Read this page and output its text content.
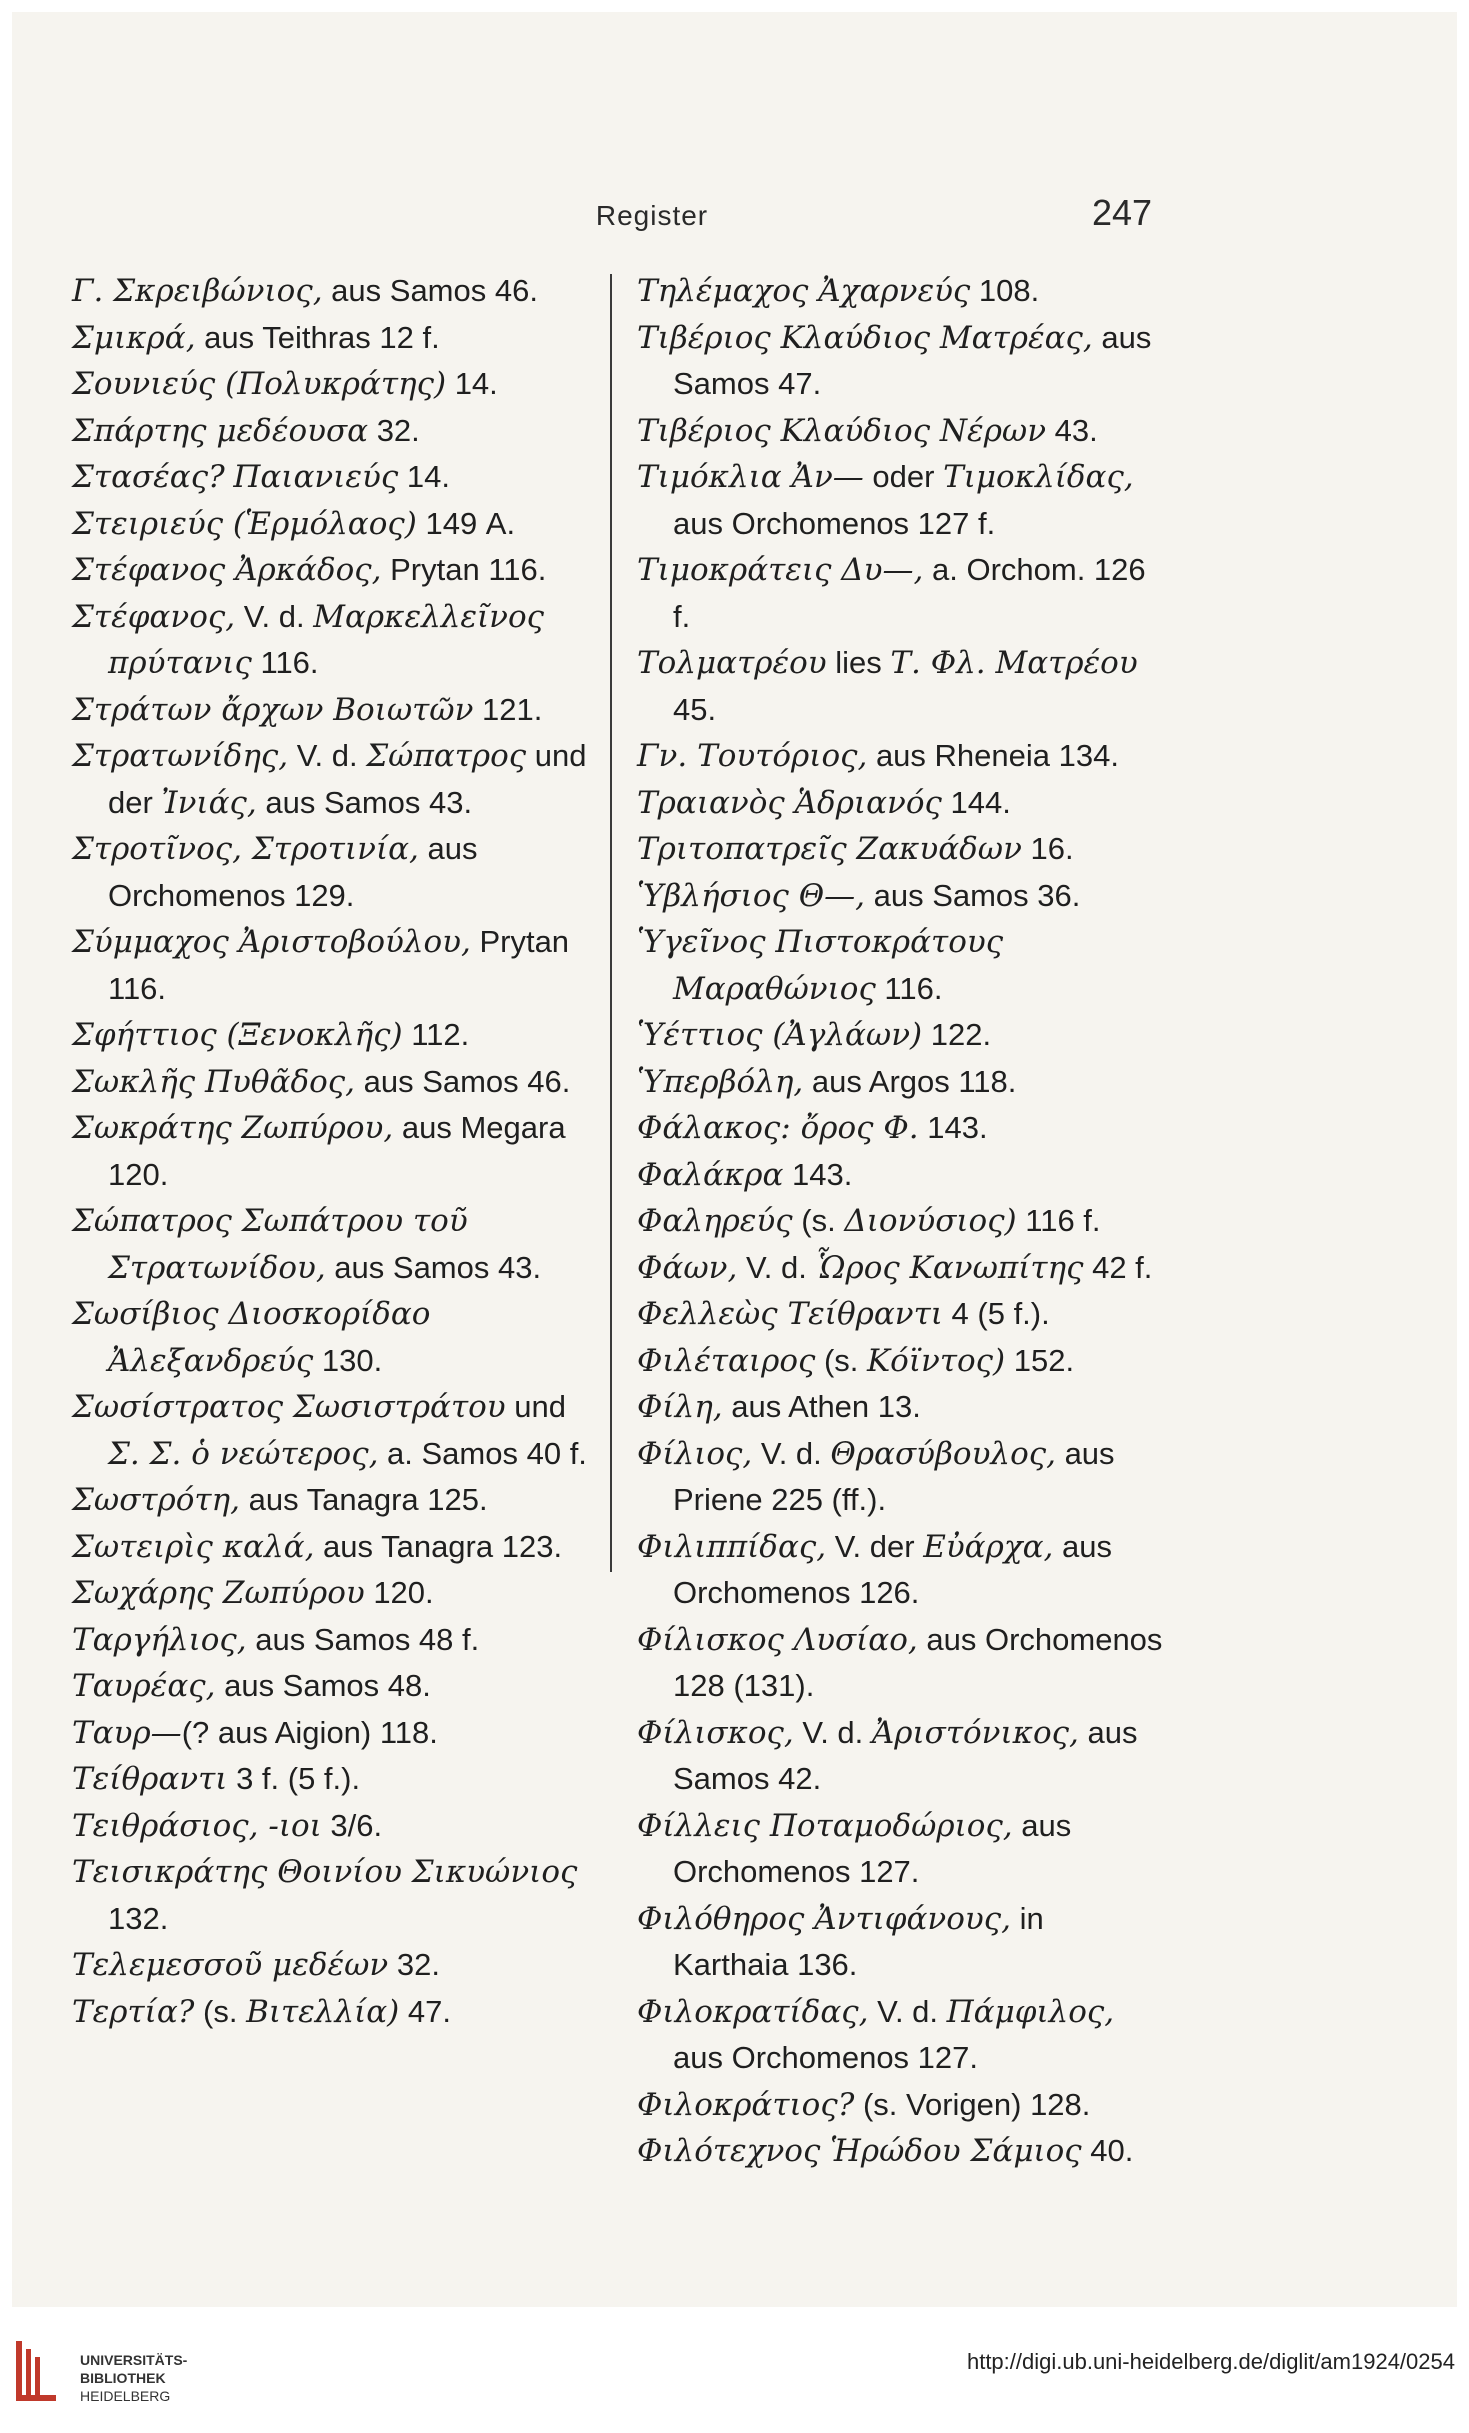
Register	247

Γ. Σκρειβώνιος, aus Samos 46.

Σμικρά, aus Teithras 12 f.

Σουνιεύς (Πολυκράτης) 14.

Σπάρτης μεδέουσα 32.

Στασέας? Παιανιεύς 14.

Στειριεύς (Ἑρμόλαος) 149 A.

Στέφανος Ἀρκάδος, Prytan 116.

Στέφανος, V. d. Μαρκελλεῖνος πρύτανις 116.

Στράτων ἄρχων Βοιωτῶν 121.

Στρατωνίδης, V. d. Σώπατρος und der Ἰνιάς, aus Samos 43.

Στροτῖνος, Στροτινία, aus Orchomenos 129.

Σύμμαχος Ἀριστοβούλου, Prytan 116.

Σφήττιος (Ξενοκλῆς) 112.

Σωκλῆς Πυθᾶδος, aus Samos 46.

Σωκράτης Ζωπύρου, aus Megara 120.

Σώπατρος Σωπάτρου τοῦ Στρατωνίδου, aus Samos 43.

Σωσίβιος Διοσκορίδαο Ἀλεξανδρεύς 130.

Σωσίστρατος Σωσιστράτου und Σ. Σ. ὁ νεώτερος, a. Samos 40 f.

Σωστρότη, aus Tanagra 125.

Σωτειρὶς καλά, aus Tanagra 123.

Σωχάρης Ζωπύρου 120.

Ταργήλιος, aus Samos 48 f.

Ταυρέας, aus Samos 48.

Ταυρ—(? aus Aigion) 118.

Τείθραντι 3 f. (5 f.).

Τειθράσιος, -ιοι 3/6.

Τεισικράτης Θοινίου Σικυώνιος 132.

Τελεμεσσοῦ μεδέων 32.

Τερτία? (s. Βιτελλία) 47.

Τηλέμαχος Ἀχαρνεύς 108.

Τιβέριος Κλαύδιος Ματρέας, aus Samos 47.

Τιβέριος Κλαύδιος Νέρων 43.

Τιμόκλια Ἀν— oder Τιμοκλίδας, aus Orchomenos 127 f.

Τιμοκράτεις Δυ—, a. Orchom. 126 f.

Τολματρέου lies Τ. Φλ. Ματρέου 45.

Γν. Τουτόριος, aus Rheneia 134.

Τραιανὸς Ἁδριανός 144.

Τριτοπατρεῖς Ζακυάδων 16.

Ὑβλήσιος Θ—, aus Samos 36.

Ὑγεῖνος Πιστοκράτους Μαραθώνιος 116.

Ὑέττιος (Ἀγλάων) 122.

Ὑπερβόλη, aus Argos 118.

Φάλακος: ὄρος Φ. 143.

Φαλάκρα 143.

Φαληρεύς (s. Διονύσιος) 116 f.

Φάων, V. d. Ὧρος Κανωπίτης 42 f.

Φελλεὼς Τείθραντι 4 (5 f.).

Φιλέταιρος (s. Κόϊντος) 152.

Φίλη, aus Athen 13.

Φίλιος, V. d. Θρασύβουλος, aus Priene 225 (ff.).

Φιλιππίδας, V. der Εὐάρχα, aus Orchomenos 126.

Φίλισκος Λυσίαο, aus Orchomenos 128 (131).

Φίλισκος, V. d. Ἀριστόνικος, aus Samos 42.

Φίλλεις Ποταμοδώριος, aus Orchomenos 127.

Φιλόθηρος Ἀντιφάνους, in Karthaia 136.

Φιλοκρατίδας, V. d. Πάμφιλος, aus Orchomenos 127.

Φιλοκράτιος? (s. Vorigen) 128.

Φιλότεχνος Ἡρώδου Σάμιος 40.

UNIVERSITÄTS-
BIBLIOTHEK
HEIDELBERG
http://digi.ub.uni-heidelberg.de/diglit/am1924/0254
